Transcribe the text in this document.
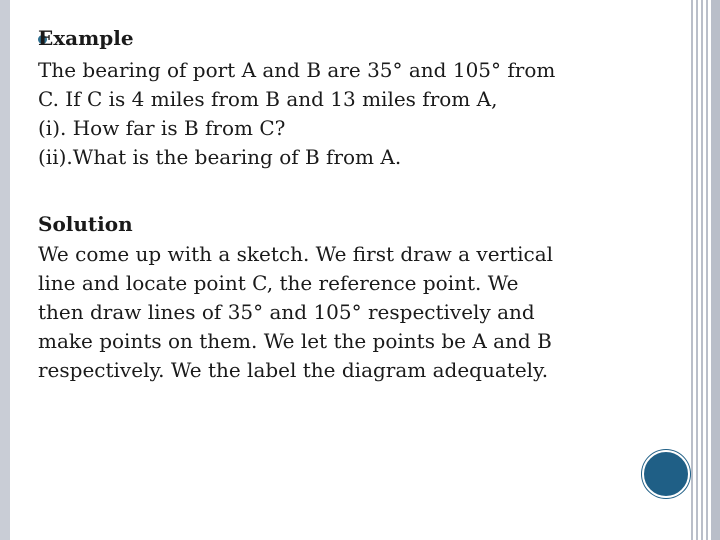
Example

The bearing of port A and B are 35° and 105° from
C. If C is 4 miles from B and 13 miles from A,
(i). How far is B from C?
(ii).What is the bearing of B from A.

Solution

We come up with a sketch. We first draw a vertical
line and locate point C, the reference point. We
then draw lines of 35° and 105° respectively and
make points on them. We let the points be A and B
respectively. We the label the diagram adequately.
